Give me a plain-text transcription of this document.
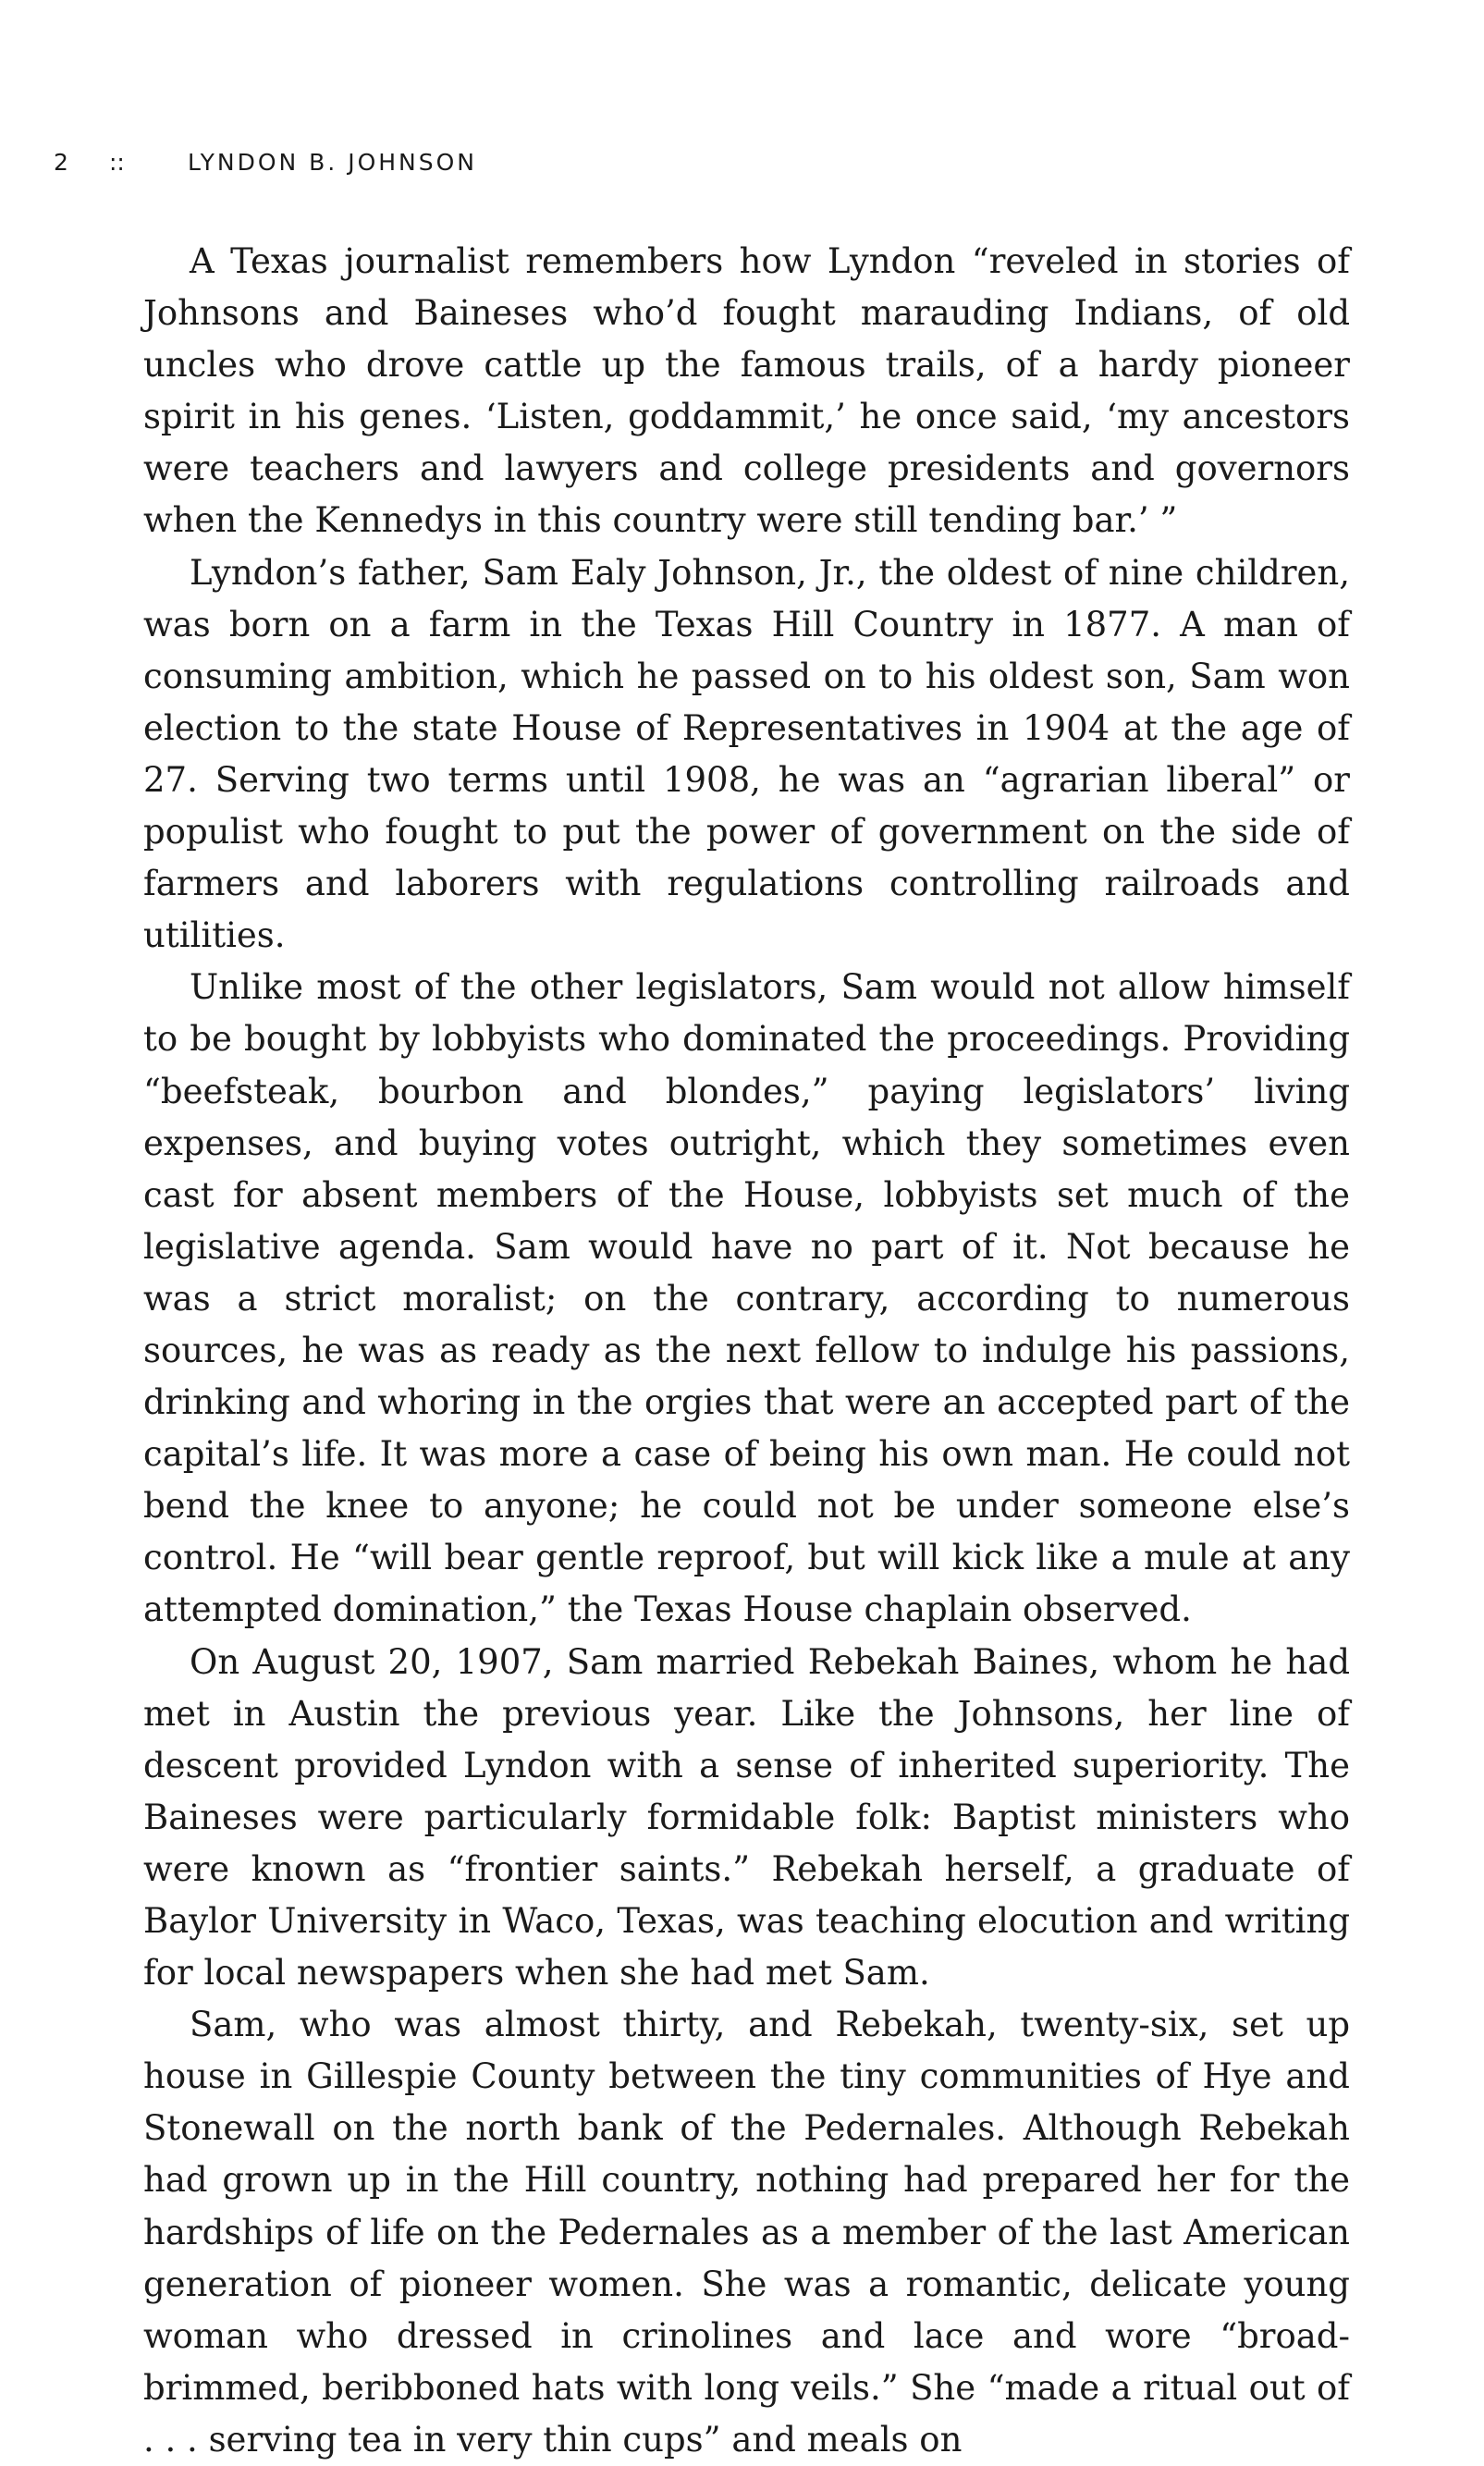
2	::	LYNDON B. JOHNSON

A Texas journalist remembers how Lyndon “reveled in stories of Johnsons and Baineses who’d fought marauding Indians, of old uncles who drove cattle up the famous trails, of a hardy pioneer spirit in his genes. ‘Listen, goddammit,’ he once said, ‘my ancestors were teachers and lawyers and college presidents and governors when the Kennedys in this country were still tending bar.’ ”

Lyndon’s father, Sam Ealy Johnson, Jr., the oldest of nine children, was born on a farm in the Texas Hill Country in 1877. A man of consuming ambition, which he passed on to his oldest son, Sam won election to the state House of Representatives in 1904 at the age of 27. Serving two terms until 1908, he was an “agrarian liberal” or populist who fought to put the power of government on the side of farmers and laborers with regulations controlling railroads and utilities.

Unlike most of the other legislators, Sam would not allow himself to be bought by lobbyists who dominated the proceedings. Providing “beefsteak, bourbon and blondes,” paying legislators’ living expenses, and buying votes outright, which they sometimes even cast for absent members of the House, lobbyists set much of the legislative agenda. Sam would have no part of it. Not because he was a strict moralist; on the contrary, according to numerous sources, he was as ready as the next fellow to indulge his passions, drinking and whoring in the orgies that were an accepted part of the capital’s life. It was more a case of being his own man. He could not bend the knee to anyone; he could not be under someone else’s control. He “will bear gentle reproof, but will kick like a mule at any attempted domination,” the Texas House chaplain observed.

On August 20, 1907, Sam married Rebekah Baines, whom he had met in Austin the previous year. Like the Johnsons, her line of descent provided Lyndon with a sense of inherited superiority. The Baineses were particularly formidable folk: Baptist ministers who were known as “frontier saints.” Rebekah herself, a graduate of Baylor University in Waco, Texas, was teaching elocution and writing for local newspapers when she had met Sam.

Sam, who was almost thirty, and Rebekah, twenty-six, set up house in Gillespie County between the tiny communities of Hye and Stonewall on the north bank of the Pedernales. Although Rebekah had grown up in the Hill country, nothing had prepared her for the hardships of life on the Pedernales as a member of the last American generation of pioneer women. She was a romantic, delicate young woman who dressed in crinolines and lace and wore “broad-brimmed, beribboned hats with long veils.” She “made a ritual out of . . . serving tea in very thin cups” and meals on
